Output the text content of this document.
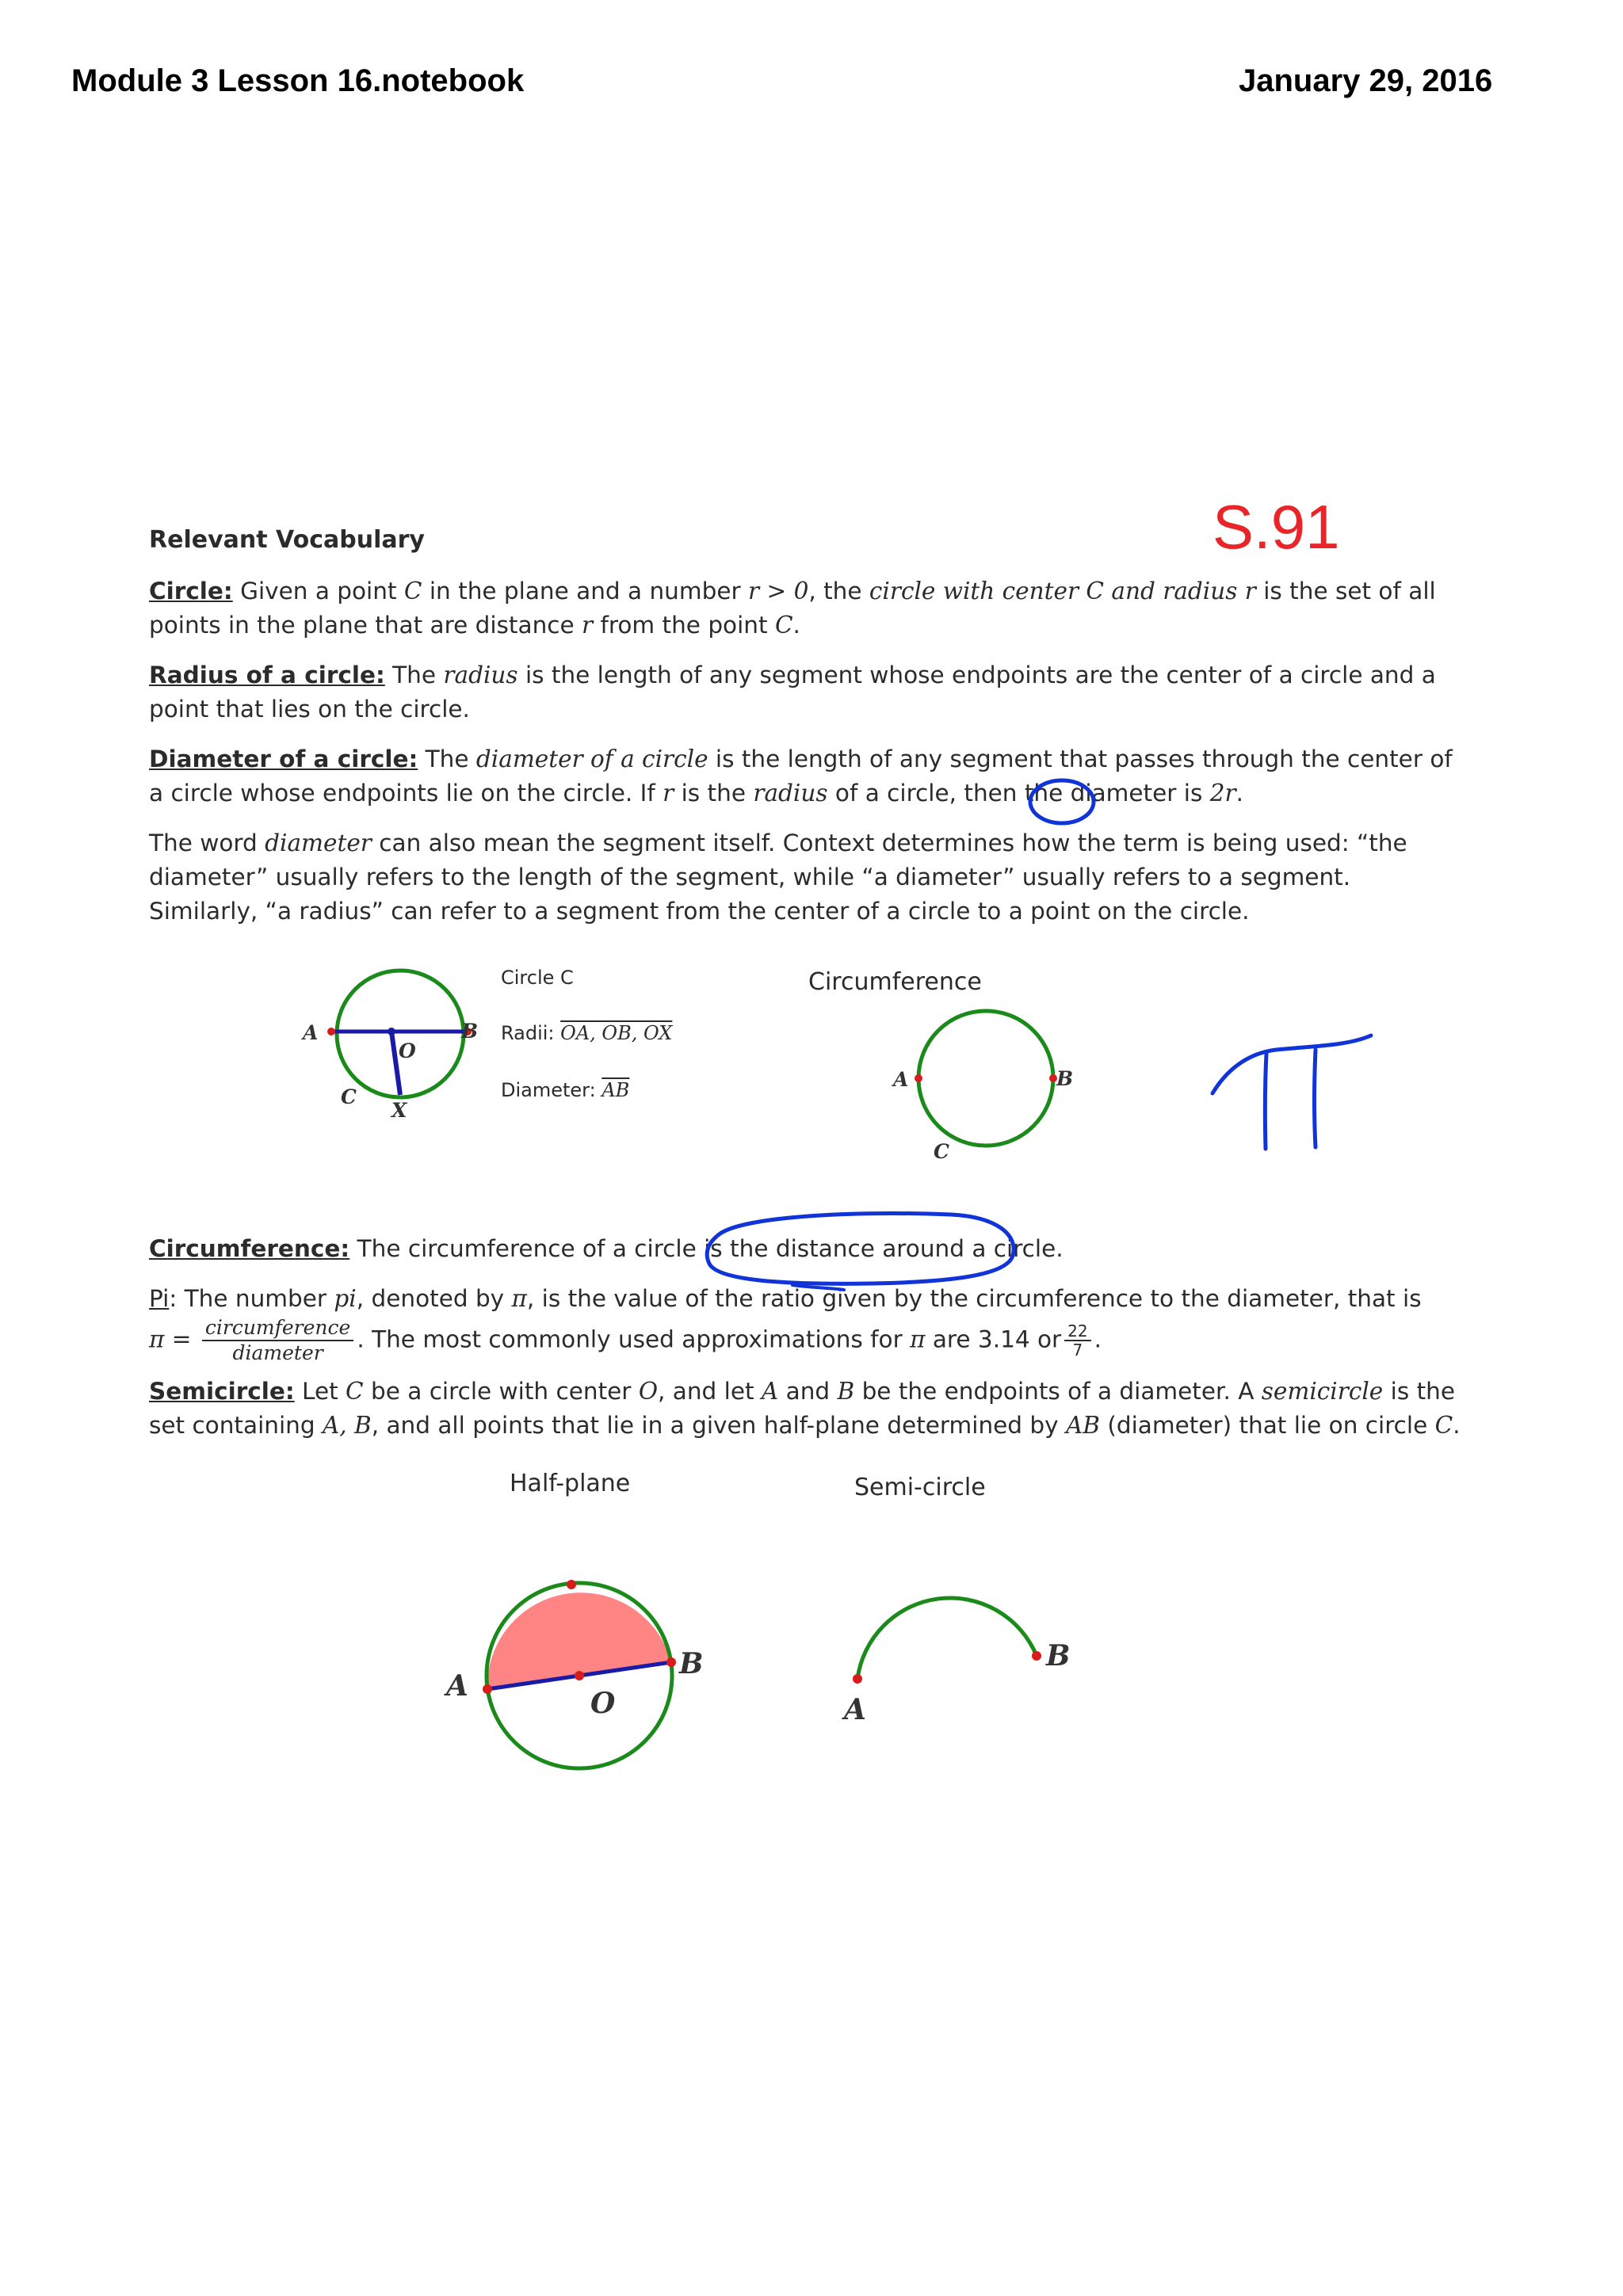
Module 3 Lesson 16.notebook	January 29, 2016
S.91

Relevant Vocabulary

Circle: Given a point C in the plane and a number r > 0, the circle with center C and radius r is the set of all points in the plane that are distance r from the point C.

Radius of a circle: The radius is the length of any segment whose endpoints are the center of a circle and a point that lies on the circle.

Diameter of a circle: The diameter of a circle is the length of any segment that passes through the center of a circle whose endpoints lie on the circle. If r is the radius of a circle, then the diameter is 2r.

The word diameter can also mean the segment itself. Context determines how the term is being used: “the diameter” usually refers to the length of the segment, while “a diameter” usually refers to a segment. Similarly, “a radius” can refer to a segment from the center of a circle to a point on the circle.

Circumference: The circumference of a circle is the distance around a circle.

Pi: The number pi, denoted by π, is the value of the ratio given by the circumference to the diameter, that is
$\pi = \frac{\text{circumference}}{\text{diameter}}$ . The most commonly used approximations for π are 3.14 or $\frac{22}{7}$ .

Semicircle: Let C be a circle with center O, and let A and B be the endpoints of a diameter. A semicircle is the set containing A, B, and all points that lie in a given half-plane determined by AB (diameter) that lie on circle C.

Circle C
Radii: OA, OB, OX
Diameter: $\overline{AB}$
Circumference
Half-plane	Semi-circle
A	B
O
C
X
A	B
C
A
B
O	A
B
